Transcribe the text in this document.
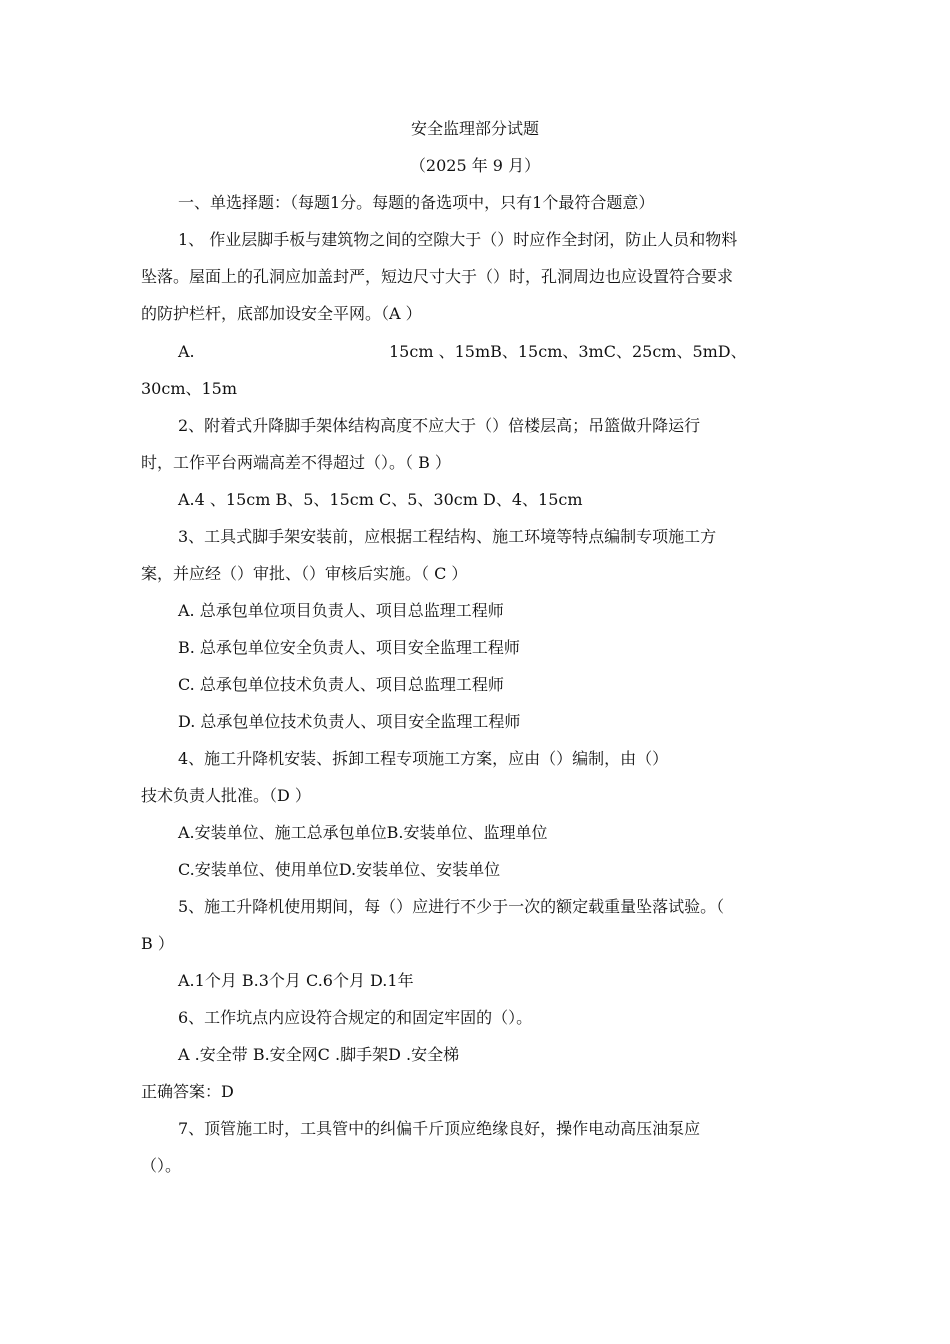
安全监理部分试题
（2025 年 9 月）
一、单选择题：（每题1分。每题的备选项中，只有1个最符合题意）
1、 作业层脚手板与建筑物之间的空隙大于（）时应作全封闭，防止人员和物料
坠落。屋面上的孔洞应加盖封严，短边尺寸大于（）时，孔洞周边也应设置符合要求
的防护栏杆，底部加设安全平网。（A ）
A.	15cm 、15mB、15cm、3mC、25cm、5mD、
30cm、15m
2、附着式升降脚手架体结构高度不应大于（）倍楼层高；吊篮做升降运行
时，工作平台两端高差不得超过（）。（ B ）
A.4 、15cm B、5、15cm C、5、30cm D、4、15cm
3、工具式脚手架安装前，应根据工程结构、施工环境等特点编制专项施工方
案，并应经（）审批、（）审核后实施。（ C ）
A. 总承包单位项目负责人、项目总监理工程师
B. 总承包单位安全负责人、项目安全监理工程师
C. 总承包单位技术负责人、项目总监理工程师
D. 总承包单位技术负责人、项目安全监理工程师
4、施工升降机安装、拆卸工程专项施工方案，应由（）编制，由（）
技术负责人批准。（D ）
A.安装单位、施工总承包单位B.安装单位、监理单位
C.安装单位、使用单位D.安装单位、安装单位
5、施工升降机使用期间，每（）应进行不少于一次的额定载重量坠落试验。（
B ）
A.1个月 B.3个月 C.6个月 D.1年
6、工作坑点内应设符合规定的和固定牢固的（）。
A .安全带 B.安全网C .脚手架D .安全梯
正确答案：D
7、顶管施工时，工具管中的纠偏千斤顶应绝缘良好，操作电动高压油泵应
（）。
